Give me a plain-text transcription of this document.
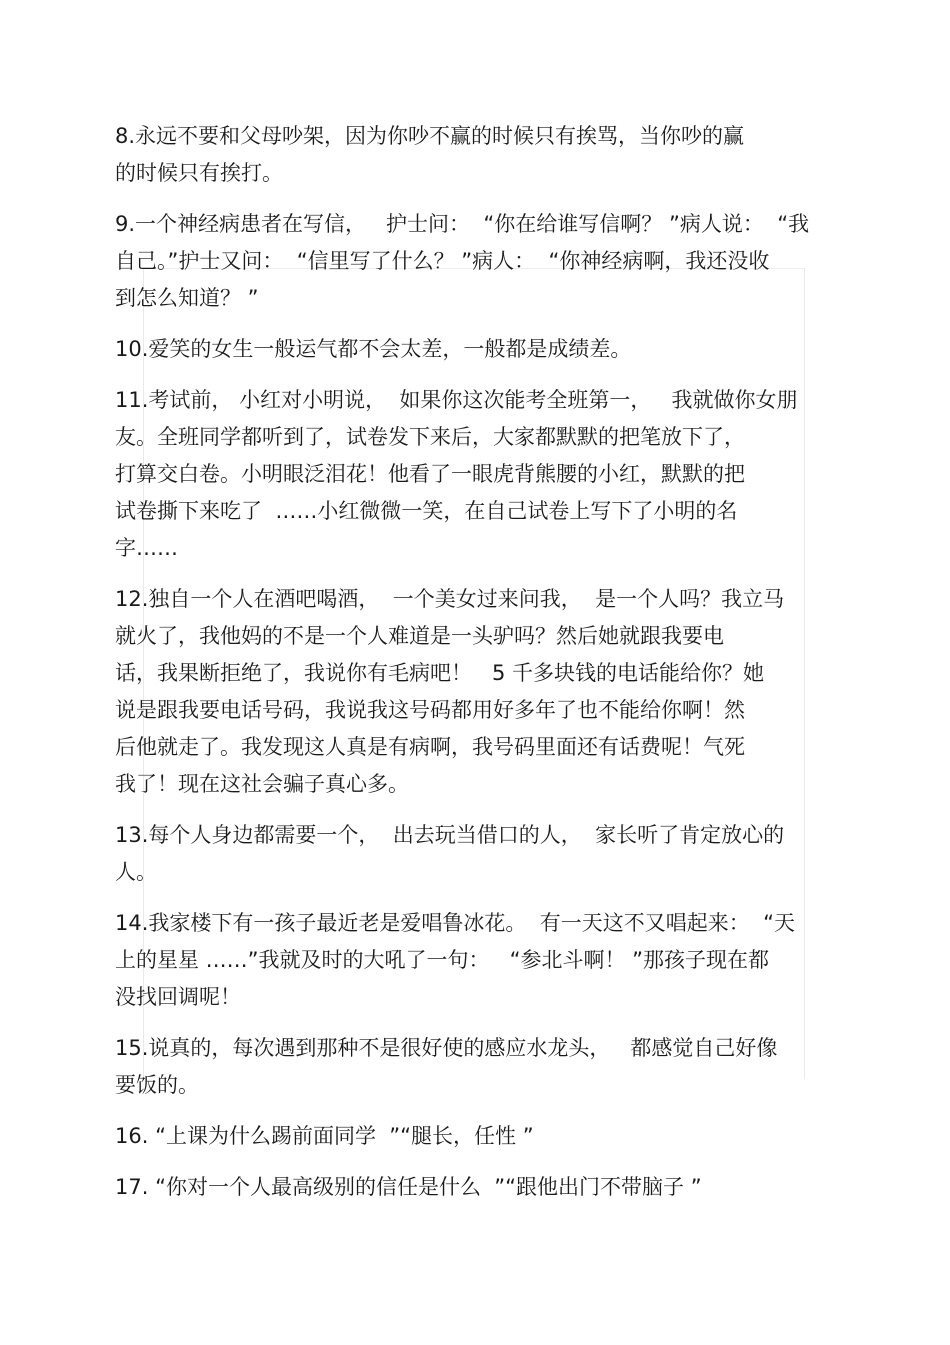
8.永远不要和父母吵架，因为你吵不赢的时候只有挨骂，当你吵的赢
的时候只有挨打。
9.一个神经病患者在写信，   护士问：  “你在给谁写信啊？ ”病人说：  “我
自己。”护士又问：  “信里写了什么？ ”病人：  “你神经病啊，我还没收
到怎么知道？ ”
10.爱笑的女生一般运气都不会太差，一般都是成绩差。
11.考试前， 小红对小明说，  如果你这次能考全班第一，   我就做你女朋
友。全班同学都听到了，试卷发下来后，大家都默默的把笔放下了，
打算交白卷。小明眼泛泪花！他看了一眼虎背熊腰的小红，默默的把
试卷撕下来吃了  ……小红微微一笑，在自己试卷上写下了小明的名
字……
12.独自一个人在酒吧喝酒，  一个美女过来问我，  是一个人吗？我立马
就火了，我他妈的不是一个人难道是一头驴吗？然后她就跟我要电
话，我果断拒绝了，我说你有毛病吧！   5 千多块钱的电话能给你？她
说是跟我要电话号码，我说我这号码都用好多年了也不能给你啊！然
后他就走了。我发现这人真是有病啊，我号码里面还有话费呢！气死
我了！现在这社会骗子真心多。
13.每个人身边都需要一个，  出去玩当借口的人，  家长听了肯定放心的
人。
14.我家楼下有一孩子最近老是爱唱鲁冰花。  有一天这不又唱起来：  “天
上的星星 ……”我就及时的大吼了一句：   “参北斗啊！ ”那孩子现在都
没找回调呢！
15.说真的，每次遇到那种不是很好使的感应水龙头，   都感觉自己好像
要饭的。
16. “上课为什么踢前面同学  ”“腿长，任性 ”
17. “你对一个人最高级别的信任是什么  ”“跟他出门不带脑子 ”
